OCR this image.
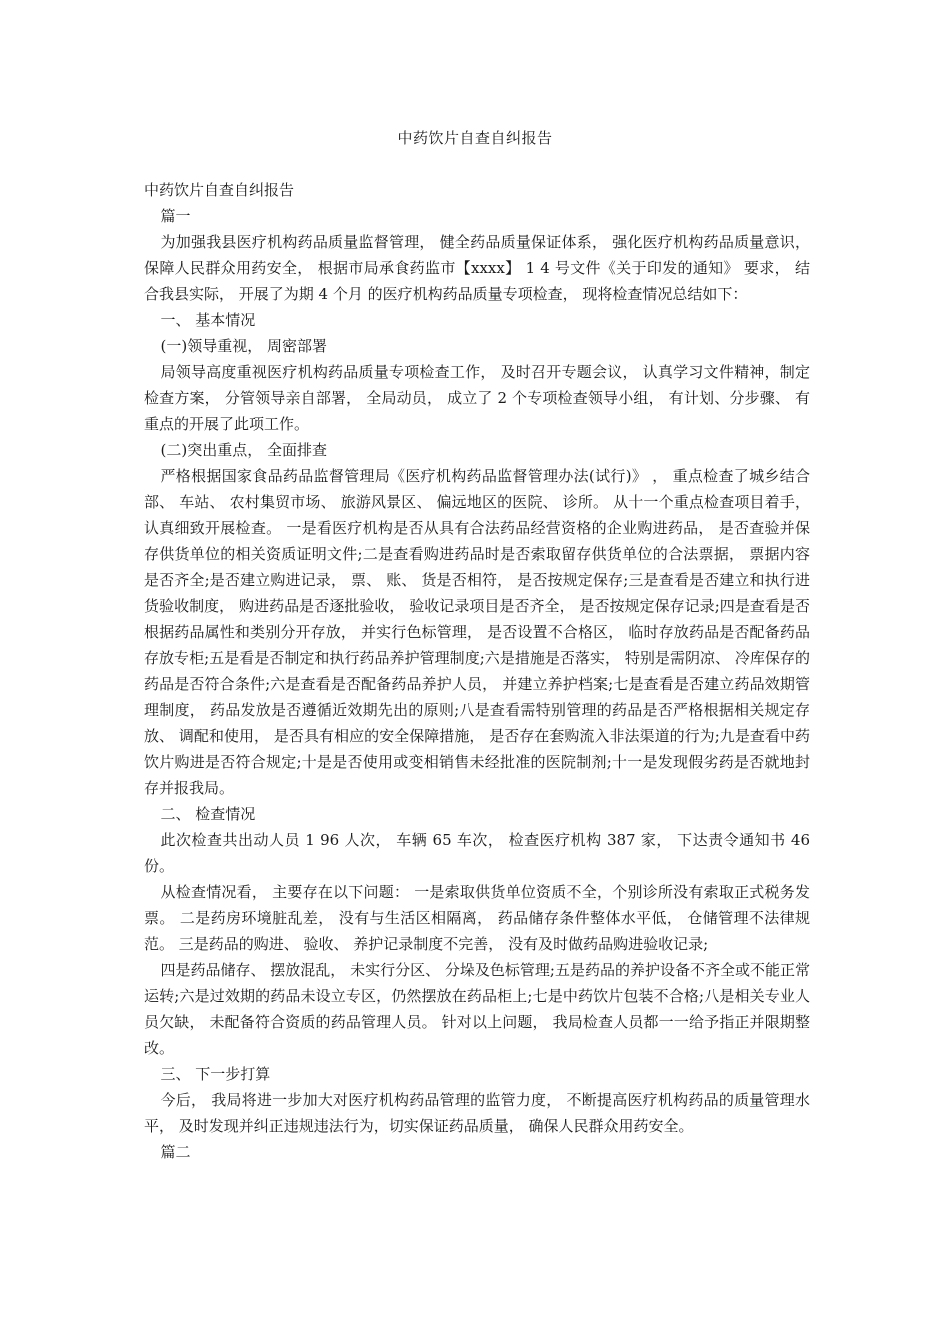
中药饮片自查自纠报告

中药饮片自查自纠报告

篇一

为加强我县医疗机构药品质量监督管理， 健全药品质量保证体系， 强化医疗机构药品质量意识， 保障人民群众用药安全， 根据市局承食药监市【xxxx】 1 4 号文件《关于印发的通知》 要求， 结合我县实际， 开展了为期 4 个月 的医疗机构药品质量专项检查， 现将检查情况总结如下：

一、 基本情况

(一)领导重视， 周密部署

局领导高度重视医疗机构药品质量专项检查工作， 及时召开专题会议， 认真学习文件精神，制定检查方案， 分管领导亲自部署， 全局动员， 成立了 2 个专项检查领导小组， 有计划、分步骤、 有重点的开展了此项工作。

(二)突出重点， 全面排查

严格根据国家食品药品监督管理局《医疗机构药品监督管理办法(试行)》 ， 重点检查了城乡结合部、 车站、 农村集贸市场、 旅游风景区、 偏远地区的医院、 诊所。 从十一个重点检查项目着手， 认真细致开展检查。 一是看医疗机构是否从具有合法药品经营资格的企业购进药品， 是否查验并保存供货单位的相关资质证明文件;二是查看购进药品时是否索取留存供货单位的合法票据， 票据内容是否齐全;是否建立购进记录， 票、 账、 货是否相符， 是否按规定保存;三是查看是否建立和执行进货验收制度， 购进药品是否逐批验收， 验收记录项目是否齐全， 是否按规定保存记录;四是查看是否根据药品属性和类别分开存放， 并实行色标管理， 是否设置不合格区， 临时存放药品是否配备药品存放专柜;五是看是否制定和执行药品养护管理制度;六是措施是否落实， 特别是需阴凉、 冷库保存的药品是否符合条件;六是查看是否配备药品养护人员， 并建立养护档案;七是查看是否建立药品效期管理制度， 药品发放是否遵循近效期先出的原则;八是查看需特别管理的药品是否严格根据相关规定存放、 调配和使用， 是否具有相应的安全保障措施， 是否存在套购流入非法渠道的行为;九是查看中药饮片购进是否符合规定;十是是否使用或变相销售未经批准的医院制剂;十一是发现假劣药是否就地封存并报我局。

二、 检查情况

此次检查共出动人员 1 96 人次， 车辆 65 车次， 检查医疗机构 387 家， 下达责令通知书 46 份。

从检查情况看， 主要存在以下问题： 一是索取供货单位资质不全，个别诊所没有索取正式税务发票。 二是药房环境脏乱差， 没有与生活区相隔离， 药品储存条件整体水平低， 仓储管理不法律规范。 三是药品的购进、 验收、 养护记录制度不完善， 没有及时做药品购进验收记录;

四是药品储存、 摆放混乱， 未实行分区、 分垛及色标管理;五是药品的养护设备不齐全或不能正常运转;六是过效期的药品未设立专区，仍然摆放在药品柜上;七是中药饮片包装不合格;八是相关专业人员欠缺， 未配备符合资质的药品管理人员。 针对以上问题， 我局检查人员都一一给予指正并限期整改。

三、 下一步打算

今后， 我局将进一步加大对医疗机构药品管理的监管力度， 不断提高医疗机构药品的质量管理水平， 及时发现并纠正违规违法行为，切实保证药品质量， 确保人民群众用药安全。

篇二
